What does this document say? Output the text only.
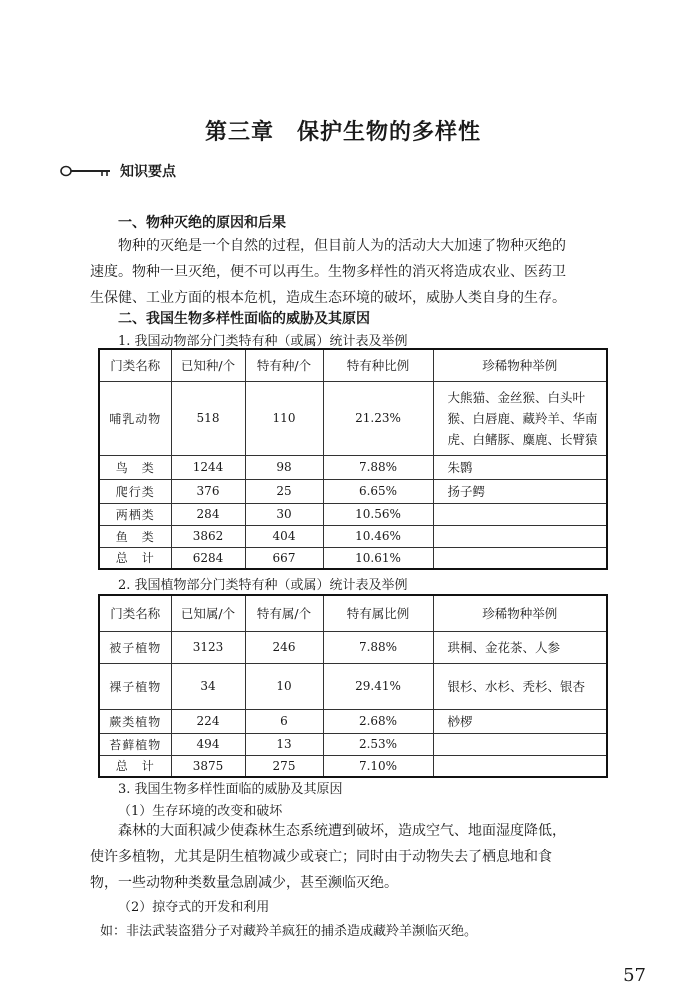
第三章　保护生物的多样性
知识要点
一、物种灭绝的原因和后果
物种的灭绝是一个自然的过程，但目前人为的活动大大加速了物种灭绝的
速度。物种一旦灭绝，便不可以再生。生物多样性的消灭将造成农业、医药卫
生保健、工业方面的根本危机，造成生态环境的破坏，威胁人类自身的生存。
二、我国生物多样性面临的威胁及其原因
1. 我国动物部分门类特有种（或属）统计表及举例
门类名称	已知种/个	特有种/个	特有种比例	珍稀物种举例
哺乳动物	518	110	21.23%	大熊猫、金丝猴、白头叶猴、白唇鹿、藏羚羊、华南虎、白鳍豚、麋鹿、长臂猿
鸟　类	1244	98	7.88%	朱鹮
爬行类	376	25	6.65%	扬子鳄
两栖类	284	30	10.56%	
鱼　类	3862	404	10.46%	
总　计	6284	667	10.61%	
2. 我国植物部分门类特有种（或属）统计表及举例
门类名称	已知属/个	特有属/个	特有属比例	珍稀物种举例
被子植物	3123	246	7.88%	珙桐、金花茶、人参
裸子植物	34	10	29.41%	银杉、水杉、秃杉、银杏
蕨类植物	224	6	2.68%	桫椤
苔藓植物	494	13	2.53%	
总　计	3875	275	7.10%	
3. 我国生物多样性面临的威胁及其原因
（1）生存环境的改变和破坏
森林的大面积减少使森林生态系统遭到破坏，造成空气、地面湿度降低，
使许多植物，尤其是阴生植物减少或衰亡；同时由于动物失去了栖息地和食
物，一些动物种类数量急剧减少，甚至濒临灭绝。
（2）掠夺式的开发和利用
如：非法武装盗猎分子对藏羚羊疯狂的捕杀造成藏羚羊濒临灭绝。
57
